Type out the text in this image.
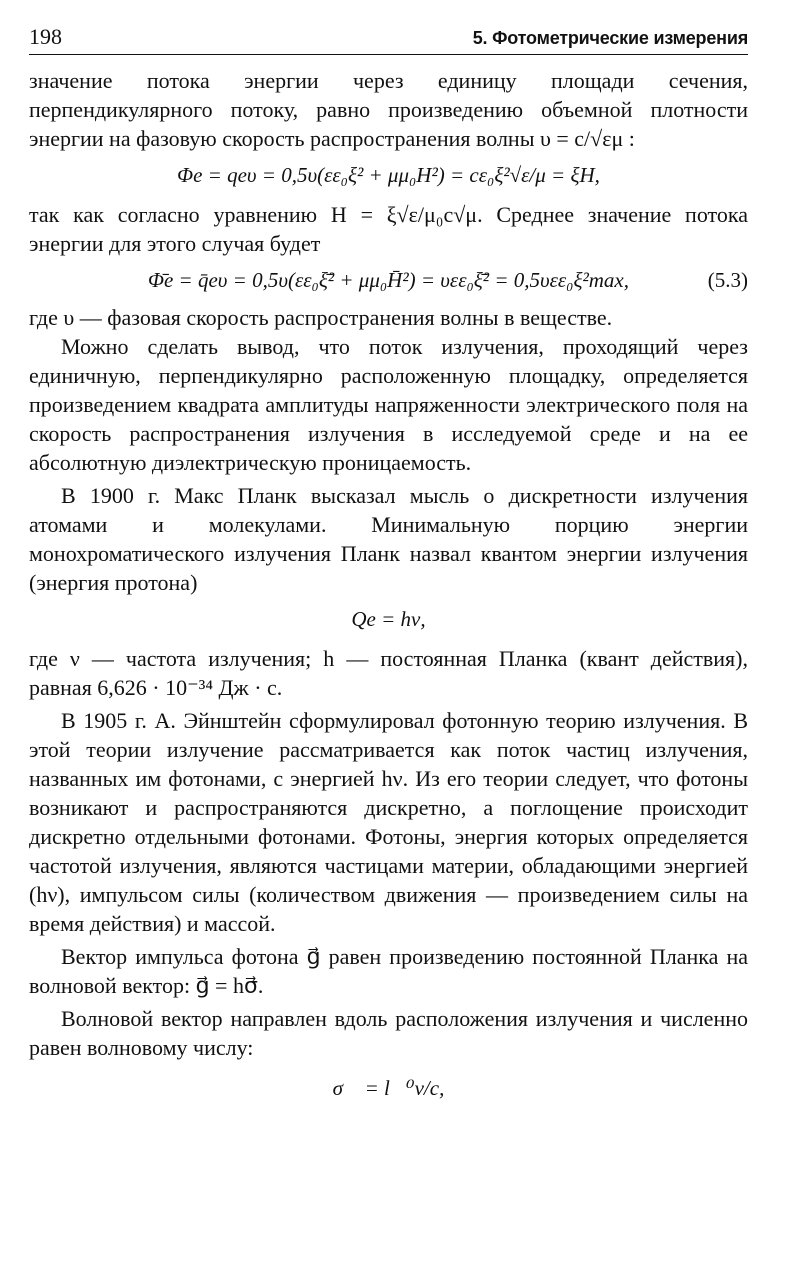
198	5. Фотометрические измерения

значение потока энергии через единицу площади сечения, перпендикулярного потоку, равно произведению объемной плотности энергии на фазовую скорость распространения волны υ = c/√εμ :

Φe = qeυ = 0,5υ(εε₀ξ² + μμ₀H²) = cε₀ξ²√ε/μ = ξH,

так как согласно уравнению H = ξ√ε/μ₀c√μ. Среднее значение потока энергии для этого случая будет

Φ̄e = q̄eυ = 0,5υ(εε₀ξ̄² + μμ₀H̄²) = υεε₀ξ̄² = 0,5υεε₀ξ²max,	(5.3)

где υ — фазовая скорость распространения волны в веществе.

Можно сделать вывод, что поток излучения, проходящий через единичную, перпендикулярно расположенную площадку, определяется произведением квадрата амплитуды напряженности электрического поля на скорость распространения излучения в исследуемой среде и на ее абсолютную диэлектрическую проницаемость.

В 1900 г. Макс Планк высказал мысль о дискретности излучения атомами и молекулами. Минимальную порцию энергии монохроматического излучения Планк назвал квантом энергии излучения (энергия протона)

Qe = hν,

где ν — частота излучения; h — постоянная Планка (квант действия), равная 6,626 · 10⁻³⁴ Дж · с.

В 1905 г. А. Эйнштейн сформулировал фотонную теорию излучения. В этой теории излучение рассматривается как поток частиц излучения, названных им фотонами, с энергией hν. Из его теории следует, что фотоны возникают и распространяются дискретно, а поглощение происходит дискретно отдельными фотонами. Фотоны, энергия которых определяется частотой излучения, являются частицами материи, обладающими энергией (hν), импульсом силы (количеством движения — произведением силы на время действия) и массой.

Вектор импульса фотона g⃗ равен произведению постоянной Планка на волновой вектор: g⃗ = hσ⃗.

Волновой вектор направлен вдоль расположения излучения и численно равен волновому числу:

σ⃗ = l⃗⁰ν/c,
